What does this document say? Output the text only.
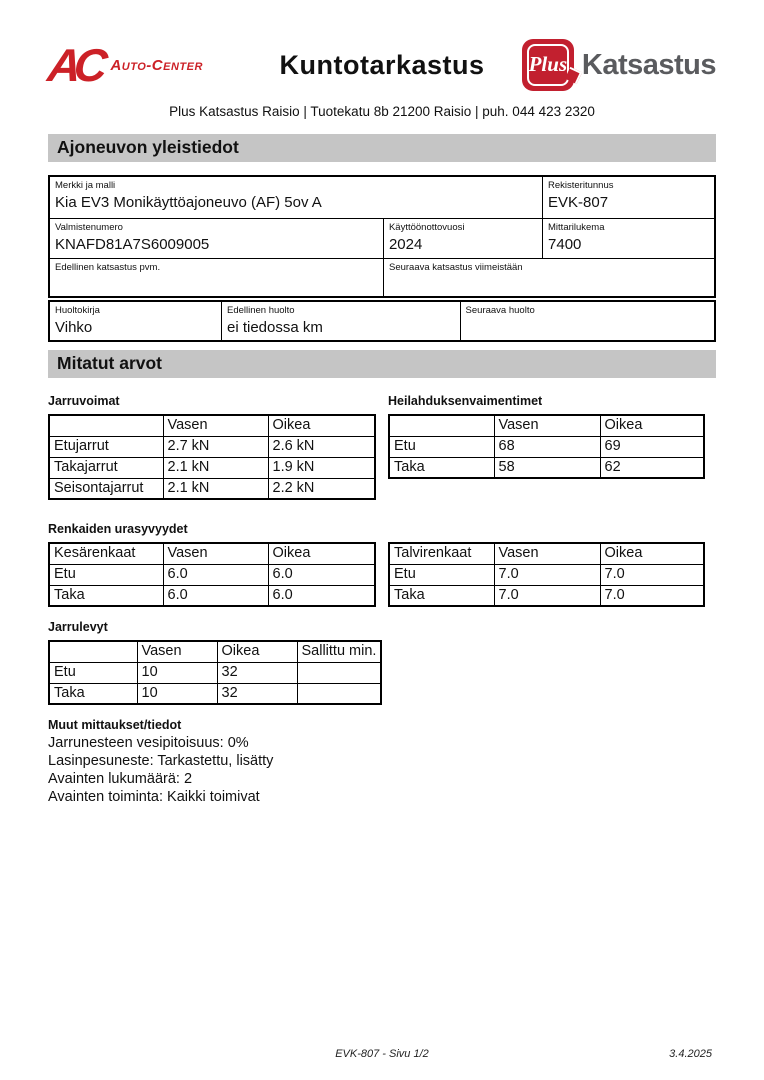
AC Auto-Center	Kuntotarkastus	Plus Katsastus
Plus Katsastus Raisio | Tuotekatu 8b 21200 Raisio | puh. 044 423 2320
Ajoneuvon yleistiedot
Merkki ja malli
Kia EV3 Monikäyttöajoneuvo (AF) 5ov A
Rekisteritunnus
EVK-807
Valmistenumero
KNAFD81A7S6009005
Käyttöönottovuosi
2024
Mittarilukema
7400
Edellinen katsastus pvm.	Seuraava katsastus viimeistään
Huoltokirja
Vihko
Edellinen huolto
ei tiedossa km
Seuraava huolto
Mitatut arvot
Jarruvoimat
	Vasen	Oikea
Etujarrut	2.7 kN	2.6 kN
Takajarrut	2.1 kN	1.9 kN
Seisontajarrut	2.1 kN	2.2 kN
Heilahduksenvaimentimet
	Vasen	Oikea
Etu	68	69
Taka	58	62
Renkaiden urasyvyydet
Kesärenkaat	Vasen	Oikea
Etu	6.0	6.0
Taka	6.0	6.0
Talvirenkaat	Vasen	Oikea
Etu	7.0	7.0
Taka	7.0	7.0
Jarrulevyt
	Vasen	Oikea	Sallittu min.
Etu	10	32	
Taka	10	32	
Muut mittaukset/tiedot
Jarrunesteen vesipitoisuus: 0%
Lasinpesuneste: Tarkastettu, lisätty
Avainten lukumäärä: 2
Avainten toiminta: Kaikki toimivat
EVK-807 - Sivu 1/2	3.4.2025
